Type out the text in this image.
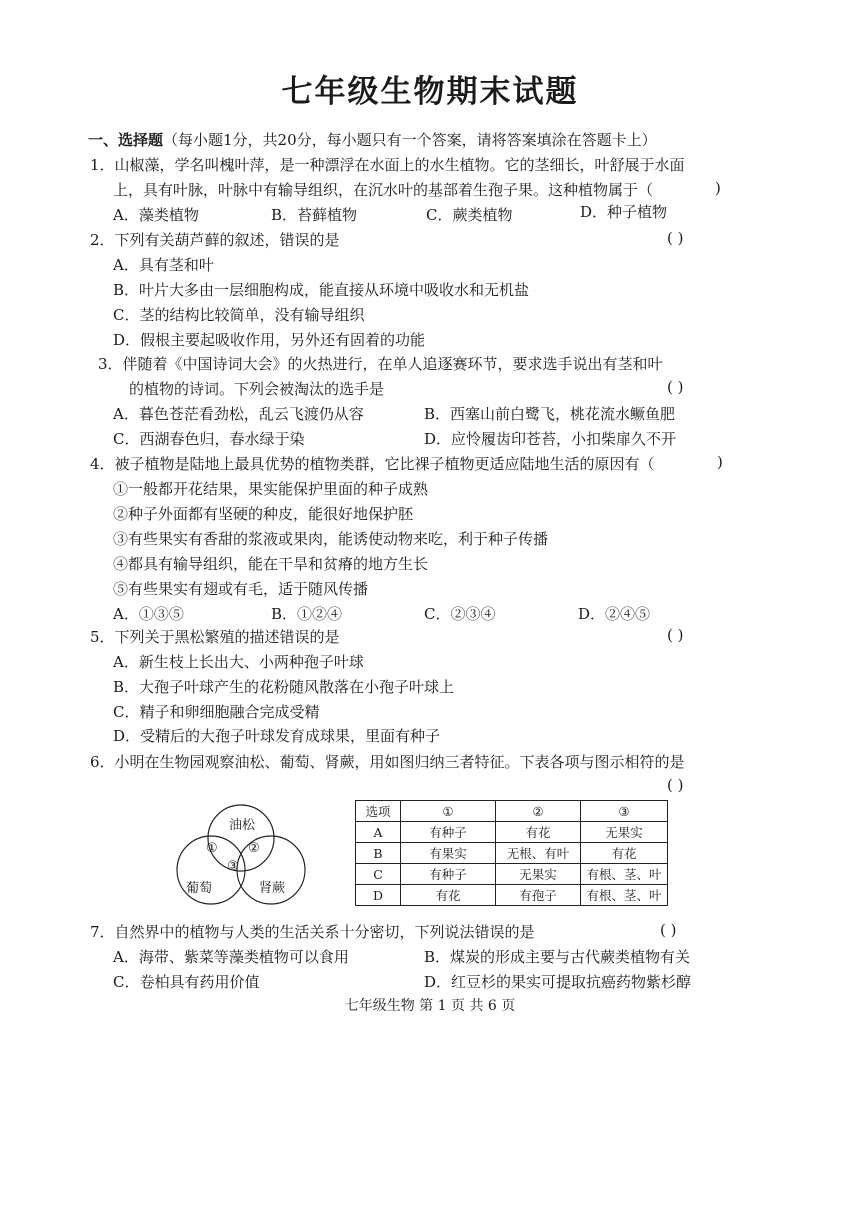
七年级生物期末试题
一、选择题（每小题1分，共20分，每小题只有一个答案，请将答案填涂在答题卡上）
1．山椒藻，学名叫槐叶萍，是一种漂浮在水面上的水生植物。它的茎细长，叶舒展于水面
上，具有叶脉，叶脉中有输导组织，在沉水叶的基部着生孢子果。这种植物属于（	)
A．藻类植物	B．苔藓植物	C．蕨类植物	D．种子植物
2．下列有关葫芦藓的叙述，错误的是	( )
A．具有茎和叶
B．叶片大多由一层细胞构成，能直接从环境中吸收水和无机盐
C．茎的结构比较简单，没有输导组织
D．假根主要起吸收作用，另外还有固着的功能
3．伴随着《中国诗词大会》的火热进行，在单人追逐赛环节，要求选手说出有茎和叶
的植物的诗词。下列会被淘汰的选手是	( )
A．暮色苍茫看劲松，乱云飞渡仍从容	B．西塞山前白鹭飞，桃花流水鳜鱼肥
C．西湖春色归，春水绿于染	D．应怜履齿印苍苔，小扣柴扉久不开
4．被子植物是陆地上最具优势的植物类群，它比裸子植物更适应陆地生活的原因有（	)
①一般都开花结果，果实能保护里面的种子成熟
②种子外面都有坚硬的种皮，能很好地保护胚
③有些果实有香甜的浆液或果肉，能诱使动物来吃，利于种子传播
④都具有输导组织，能在干旱和贫瘠的地方生长
⑤有些果实有翅或有毛，适于随风传播
A．①③⑤	B．①②④	C．②③④	D．②④⑤
5．下列关于黑松繁殖的描述错误的是	( )
A．新生枝上长出大、小两种孢子叶球
B．大孢子叶球产生的花粉随风散落在小孢子叶球上
C．精子和卵细胞融合完成受精
D．受精后的大孢子叶球发育成球果，里面有种子
6．小明在生物园观察油松、葡萄、肾蕨，用如图归纳三者特征。下表各项与图示相符的是
( )
油松
葡萄	肾蕨
① ②
③
选项	①	②	③
A	有种子	有花	无果实
B	有果实	无根、有叶	有花
C	有种子	无果实	有根、茎、叶
D	有花	有孢子	有根、茎、叶
7．自然界中的植物与人类的生活关系十分密切，下列说法错误的是	( )
A．海带、紫菜等藻类植物可以食用	B．煤炭的形成主要与古代蕨类植物有关
C．卷柏具有药用价值	D．红豆杉的果实可提取抗癌药物紫杉醇
七年级生物 第 1 页 共 6 页
